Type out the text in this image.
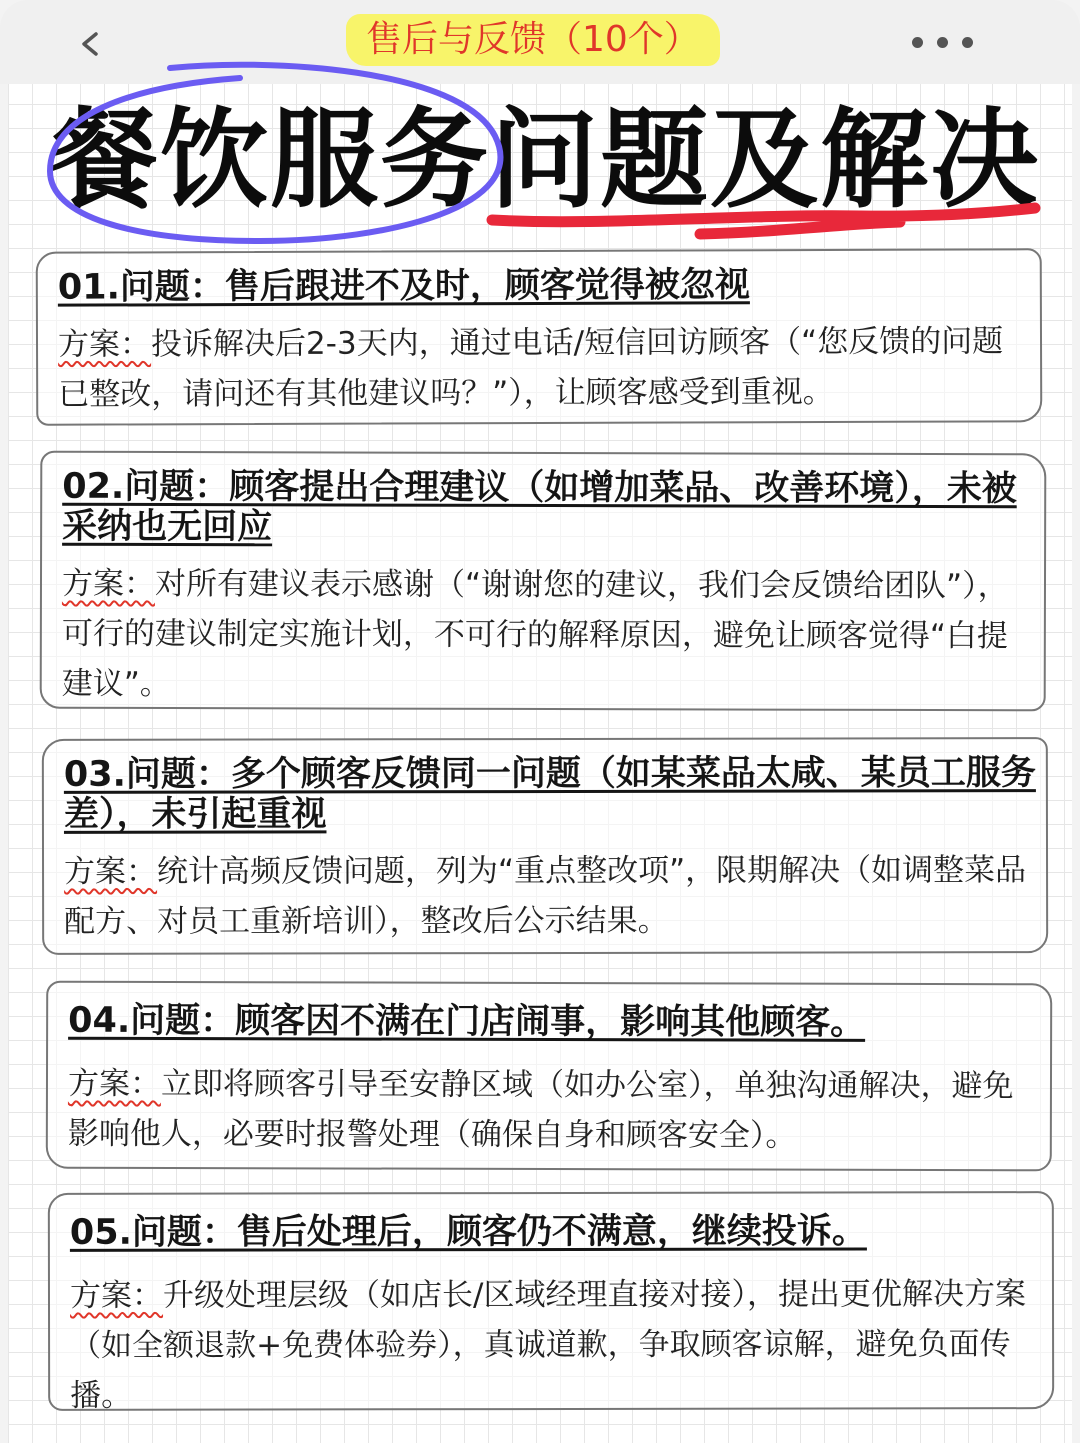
售后与反馈（10个）
餐饮服务问题及解决
01.问题：售后跟进不及时，顾客觉得被忽视
方案：投诉解决后2-3天内，通过电话/短信回访顾客（“您反馈的问题已整改，请问还有其他建议吗？”），让顾客感受到重视。
02.问题：顾客提出合理建议（如增加菜品、改善环境），未被采纳也无回应
方案：对所有建议表示感谢（“谢谢您的建议，我们会反馈给团队”），可行的建议制定实施计划，不可行的解释原因，避免让顾客觉得“白提建议”。
03.问题：多个顾客反馈同一问题（如某菜品太咸、某员工服务差），未引起重视
方案：统计高频反馈问题，列为“重点整改项”，限期解决（如调整菜品配方、对员工重新培训），整改后公示结果。
04.问题：顾客因不满在门店闹事，影响其他顾客。
方案：立即将顾客引导至安静区域（如办公室），单独沟通解决，避免影响他人，必要时报警处理（确保自身和顾客安全）。
05.问题：售后处理后，顾客仍不满意，继续投诉。
方案：升级处理层级（如店长/区域经理直接对接），提出更优解决方案（如全额退款+免费体验券），真诚道歉，争取顾客谅解，避免负面传播。
